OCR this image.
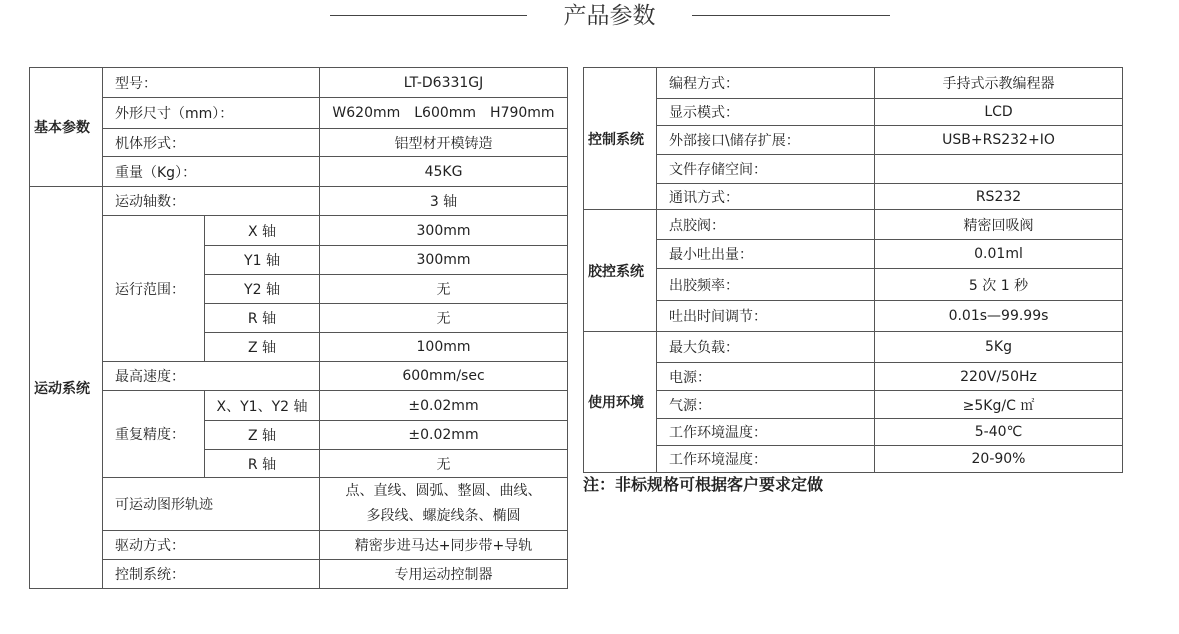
产品参数
基本参数	型号：		LT-D6331GJ
	外形尺寸（mm）：		W620mm L600mm H790mm
	机体形式：		铝型材开模铸造
	重量（Kg）：		45KG
运动系统	运动轴数：		3 轴
	运行范围：	X 轴	300mm
		Y1 轴	300mm
		Y2 轴	无
		R 轴	无
		Z 轴	100mm
	最高速度：		600mm/sec
	重复精度：	X、Y1、Y2 轴	±0.02mm
		Z 轴	±0.02mm
		R 轴	无
	可运动图形轨迹		点、直线、圆弧、整圆、曲线、
多段线、螺旋线条、椭圆

	驱动方式：		精密步进马达+同步带+导轨
	控制系统：		专用运动控制器
控制系统	编程方式：	手持式示教编程器
	显示模式：	LCD
	外部接口\储存扩展：	USB+RS232+IO
	文件存储空间：	
	通讯方式：	RS232
胶控系统	点胶阀：	精密回吸阀
	最小吐出量：	0.01ml
	出胶频率：	5 次 1 秒
	吐出时间调节：	0.01s—99.99s
使用环境	最大负载：	5Kg
	电源：	220V/50Hz
	气源：	≥5Kg/C ㎡
	工作环境温度：	5-40℃
	工作环境湿度：	20-90%
注：非标规格可根据客户要求定做
